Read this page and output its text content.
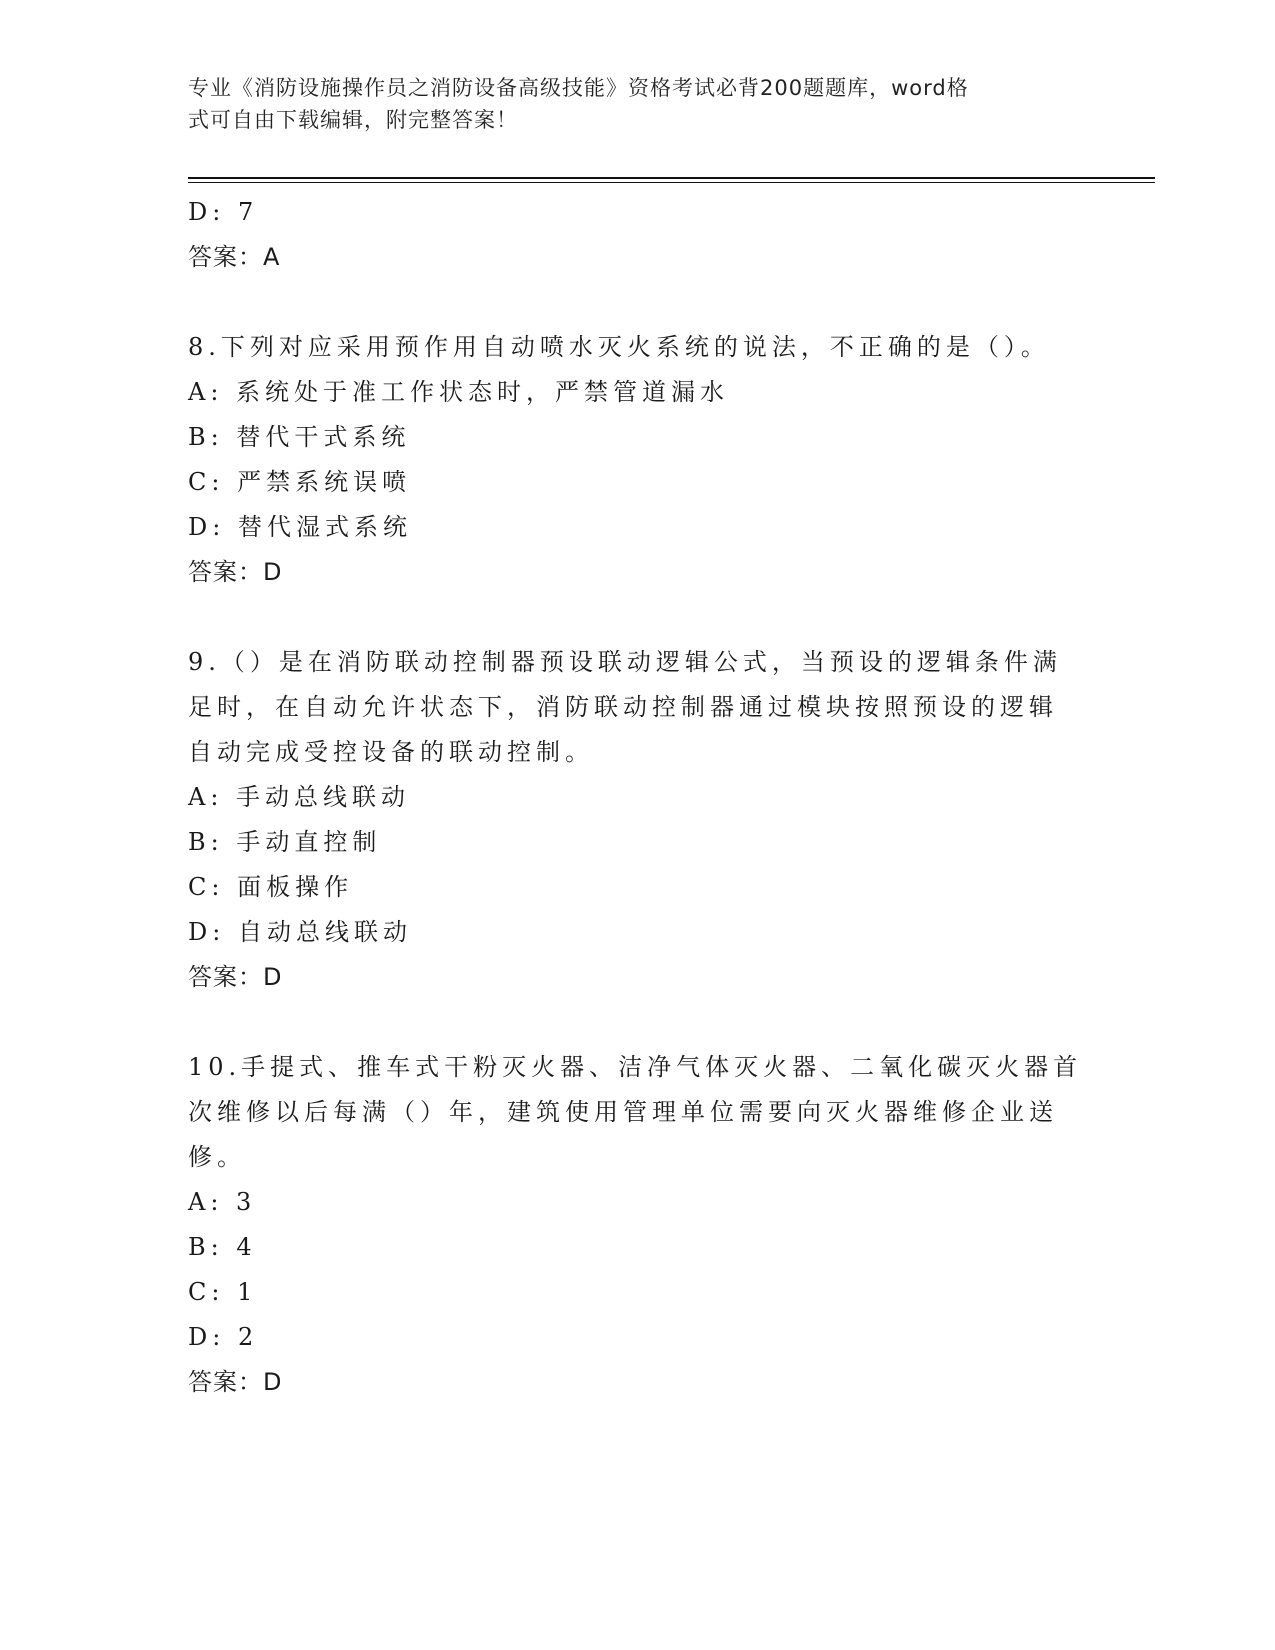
专业《消防设施操作员之消防设备高级技能》资格考试必背200题题库，word格
式可自由下载编辑，附完整答案！
D: 7
答案：A
8.下列对应采用预作用自动喷水灭火系统的说法，不正确的是（）。
A: 系统处于准工作状态时，严禁管道漏水
B: 替代干式系统
C: 严禁系统误喷
D: 替代湿式系统
答案：D
9.（）是在消防联动控制器预设联动逻辑公式，当预设的逻辑条件满
足时，在自动允许状态下，消防联动控制器通过模块按照预设的逻辑
自动完成受控设备的联动控制。
A: 手动总线联动
B: 手动直控制
C: 面板操作
D: 自动总线联动
答案：D
10.手提式、推车式干粉灭火器、洁净气体灭火器、二氧化碳灭火器首
次维修以后每满（）年，建筑使用管理单位需要向灭火器维修企业送
修。
A: 3
B: 4
C: 1
D: 2
答案：D
